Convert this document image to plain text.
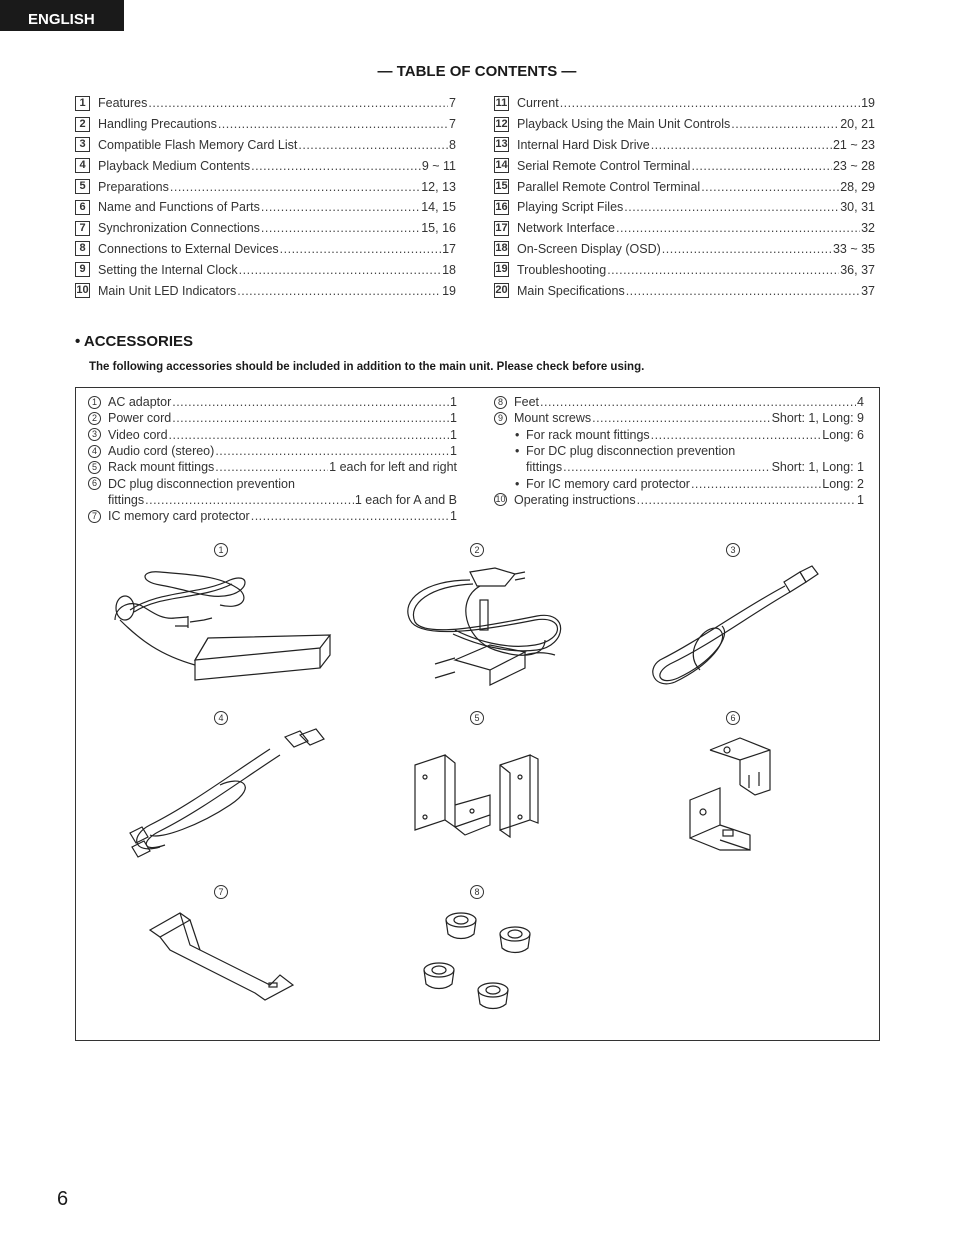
ENGLISH
— TABLE OF CONTENTS —
1 Features .....	7
2 Handling Precautions .....	7
3 Compatible Flash Memory Card List .....	8
4 Playback Medium Contents .....	9 ~ 11
5 Preparations .....	12, 13
6 Name and Functions of Parts .....	14, 15
7 Synchronization Connections .....	15, 16
8 Connections to External Devices .....	17
9 Setting the Internal Clock .....	18
10 Main Unit LED Indicators .....	19
11 Current .....	19
12 Playback Using the Main Unit Controls .....	20, 21
13 Internal Hard Disk Drive .....	21 ~ 23
14 Serial Remote Control Terminal .....	23 ~ 28
15 Parallel Remote Control Terminal .....	28, 29
16 Playing Script Files .....	30, 31
17 Network Interface .....	32
18 On-Screen Display (OSD) .....	33 ~ 35
19 Troubleshooting .....	36, 37
20 Main Specifications .....	37
• ACCESSORIES
The following accessories should be included in addition to the main unit. Please check before using.
1 AC adaptor .....	1
2 Power cord .....	1
3 Video cord .....	1
4 Audio cord (stereo) .....	1
5 Rack mount fittings .....	1 each for left and right
6 DC plug disconnection prevention
fittings .....	1 each for A and B
7 IC memory card protector .....	1
8 Feet .....	4
9 Mount screws .....	Short: 1, Long: 9
• For rack mount fittings .....	Long: 6
• For DC plug disconnection prevention
fittings .....	Short: 1, Long: 1
• For IC memory card protector .....	Long: 2
10 Operating instructions .....	1
1	2	3
4	5	6
7	8
6
